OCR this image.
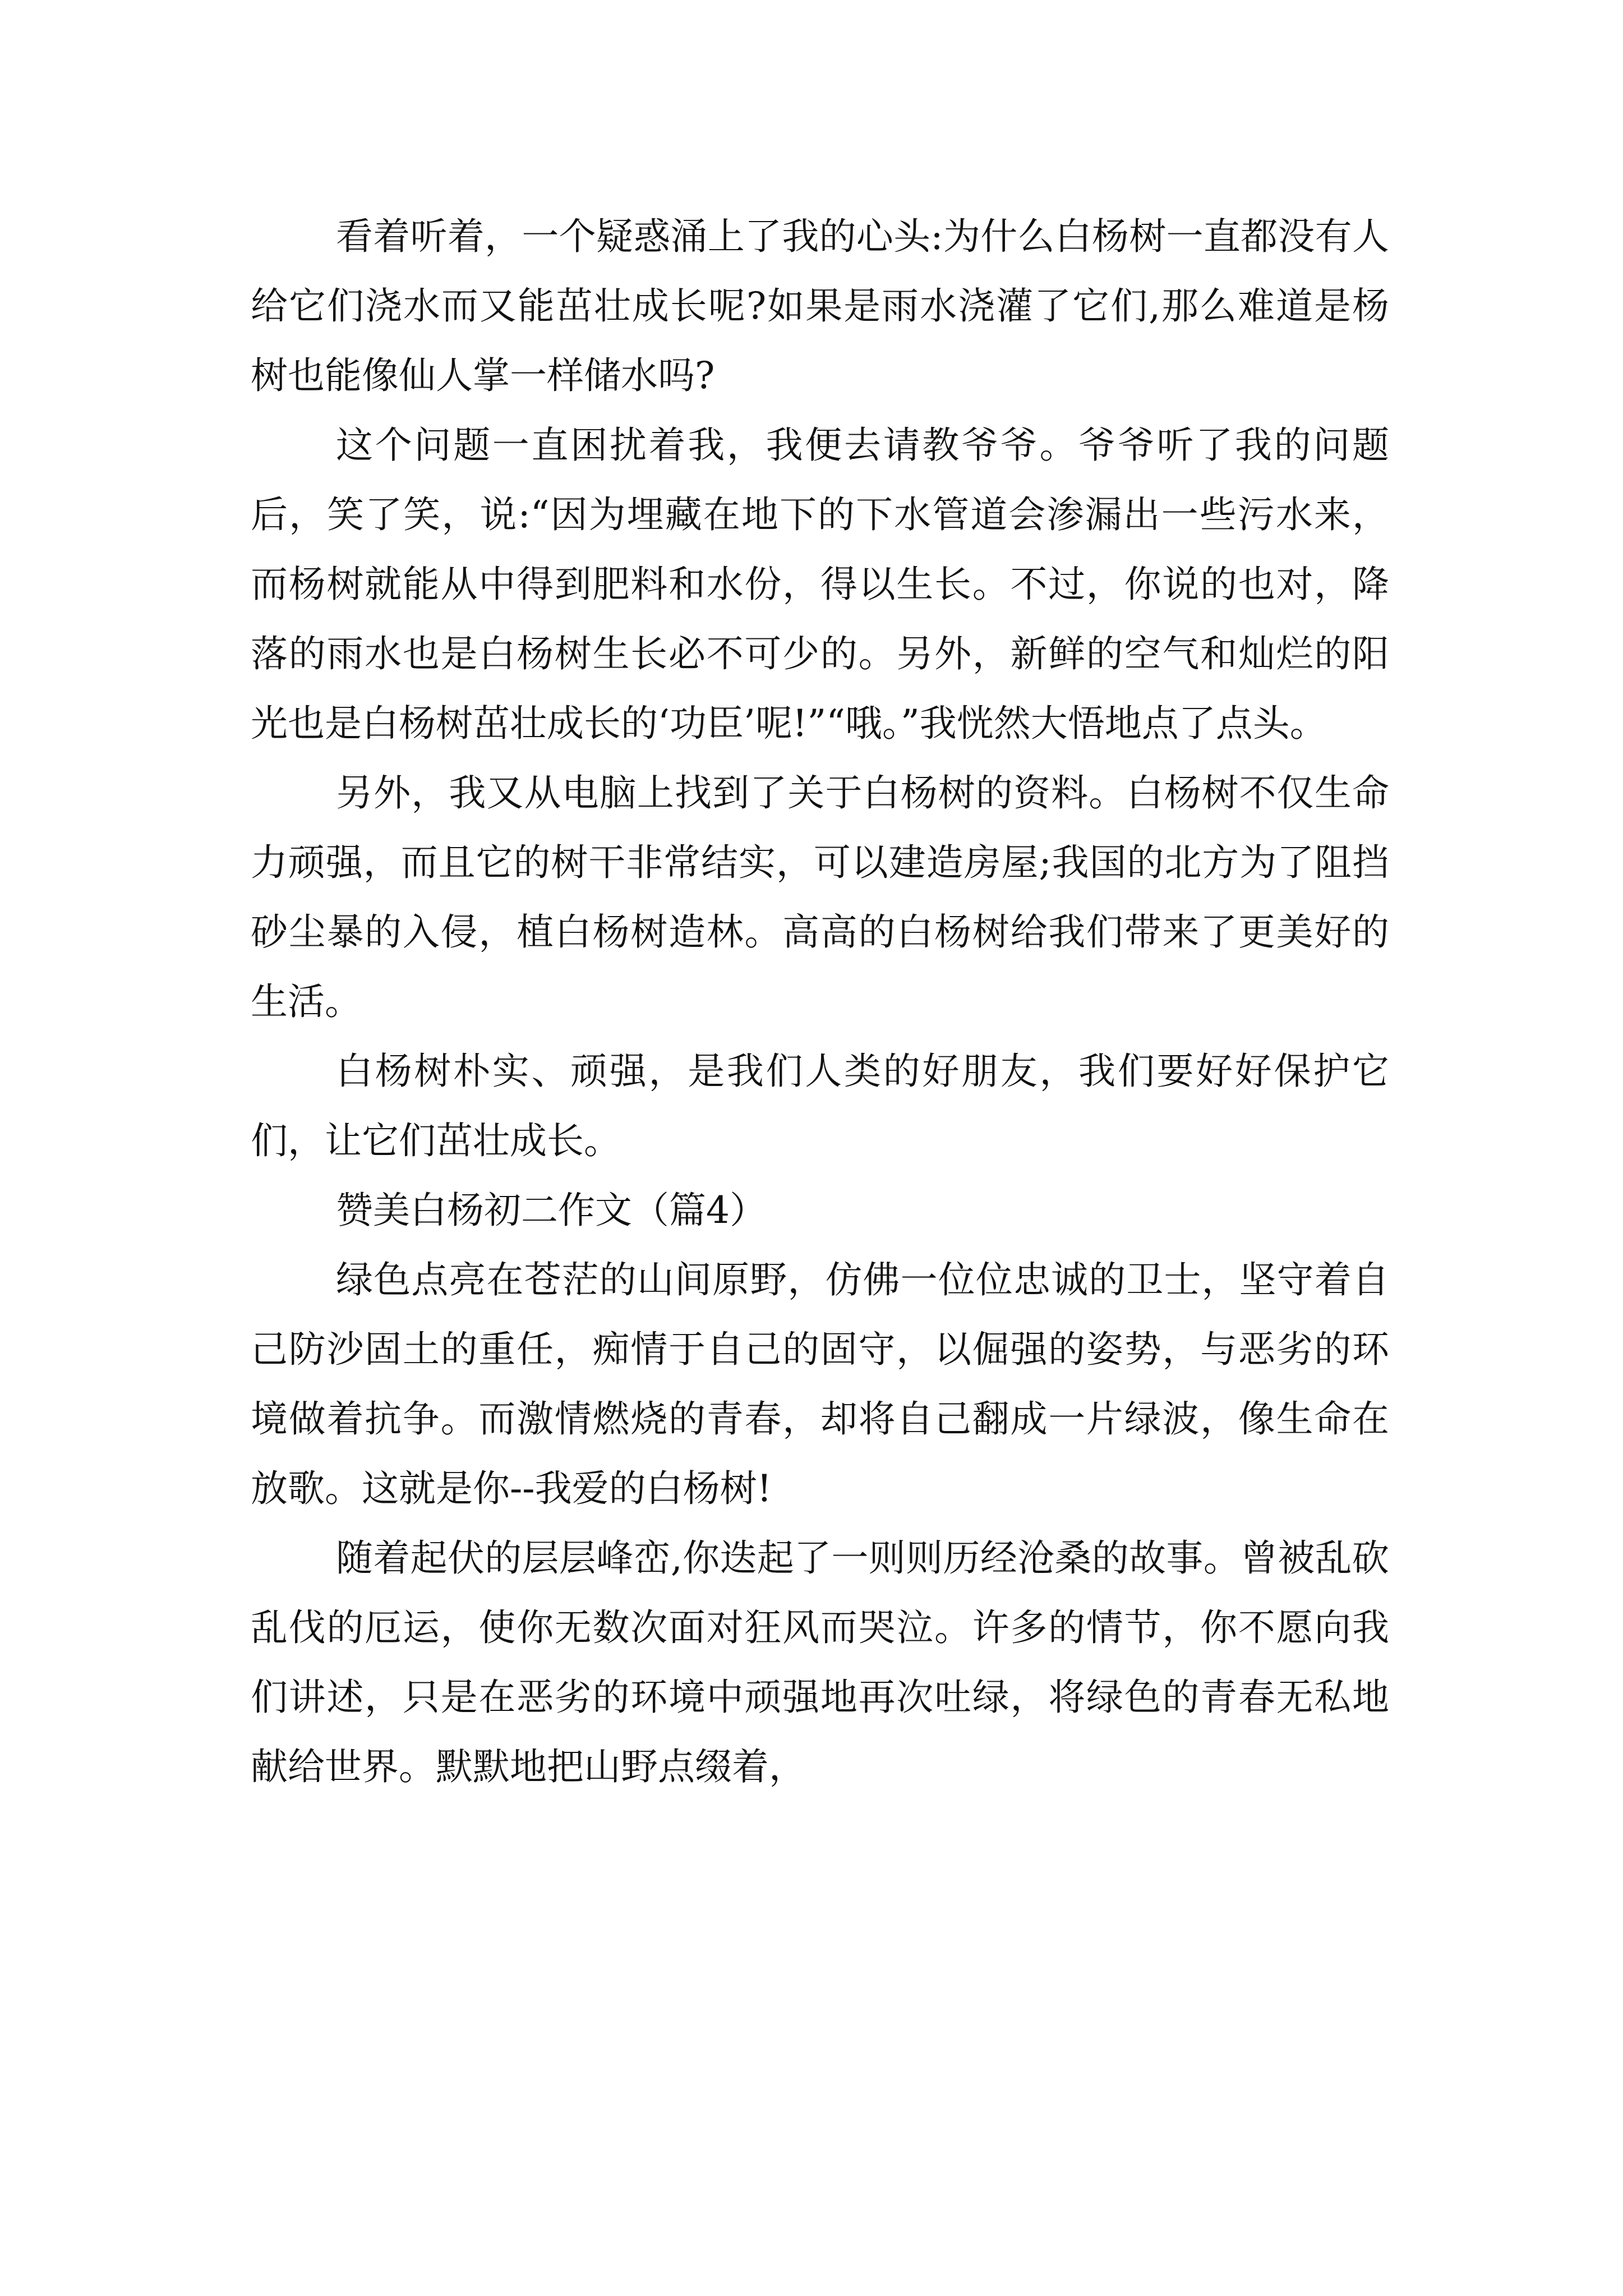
看着听着，一个疑惑涌上了我的心头:为什么白杨树一直都没有人给它们浇水而又能茁壮成长呢?如果是雨水浇灌了它们,那么难道是杨树也能像仙人掌一样储水吗?

这个问题一直困扰着我，我便去请教爷爷。爷爷听了我的问题后，笑了笑，说:“因为埋藏在地下的下水管道会渗漏出一些污水来，而杨树就能从中得到肥料和水份，得以生长。不过，你说的也对，降落的雨水也是白杨树生长必不可少的。另外，新鲜的空气和灿烂的阳光也是白杨树茁壮成长的‘功臣’呢!”“哦。”我恍然大悟地点了点头。

另外，我又从电脑上找到了关于白杨树的资料。白杨树不仅生命力顽强，而且它的树干非常结实，可以建造房屋;我国的北方为了阻挡砂尘暴的入侵，植白杨树造林。高高的白杨树给我们带来了更美好的生活。

白杨树朴实、顽强，是我们人类的好朋友，我们要好好保护它们，让它们茁壮成长。

赞美白杨初二作文（篇4）

绿色点亮在苍茫的山间原野，仿佛一位位忠诚的卫士，坚守着自己防沙固土的重任，痴情于自己的固守，以倔强的姿势，与恶劣的环境做着抗争。而激情燃烧的青春，却将自己翻成一片绿波，像生命在放歌。这就是你--我爱的白杨树!

随着起伏的层层峰峦,你迭起了一则则历经沧桑的故事。曾被乱砍乱伐的厄运，使你无数次面对狂风而哭泣。许多的情节，你不愿向我们讲述，只是在恶劣的环境中顽强地再次吐绿，将绿色的青春无私地献给世界。默默地把山野点缀着，
